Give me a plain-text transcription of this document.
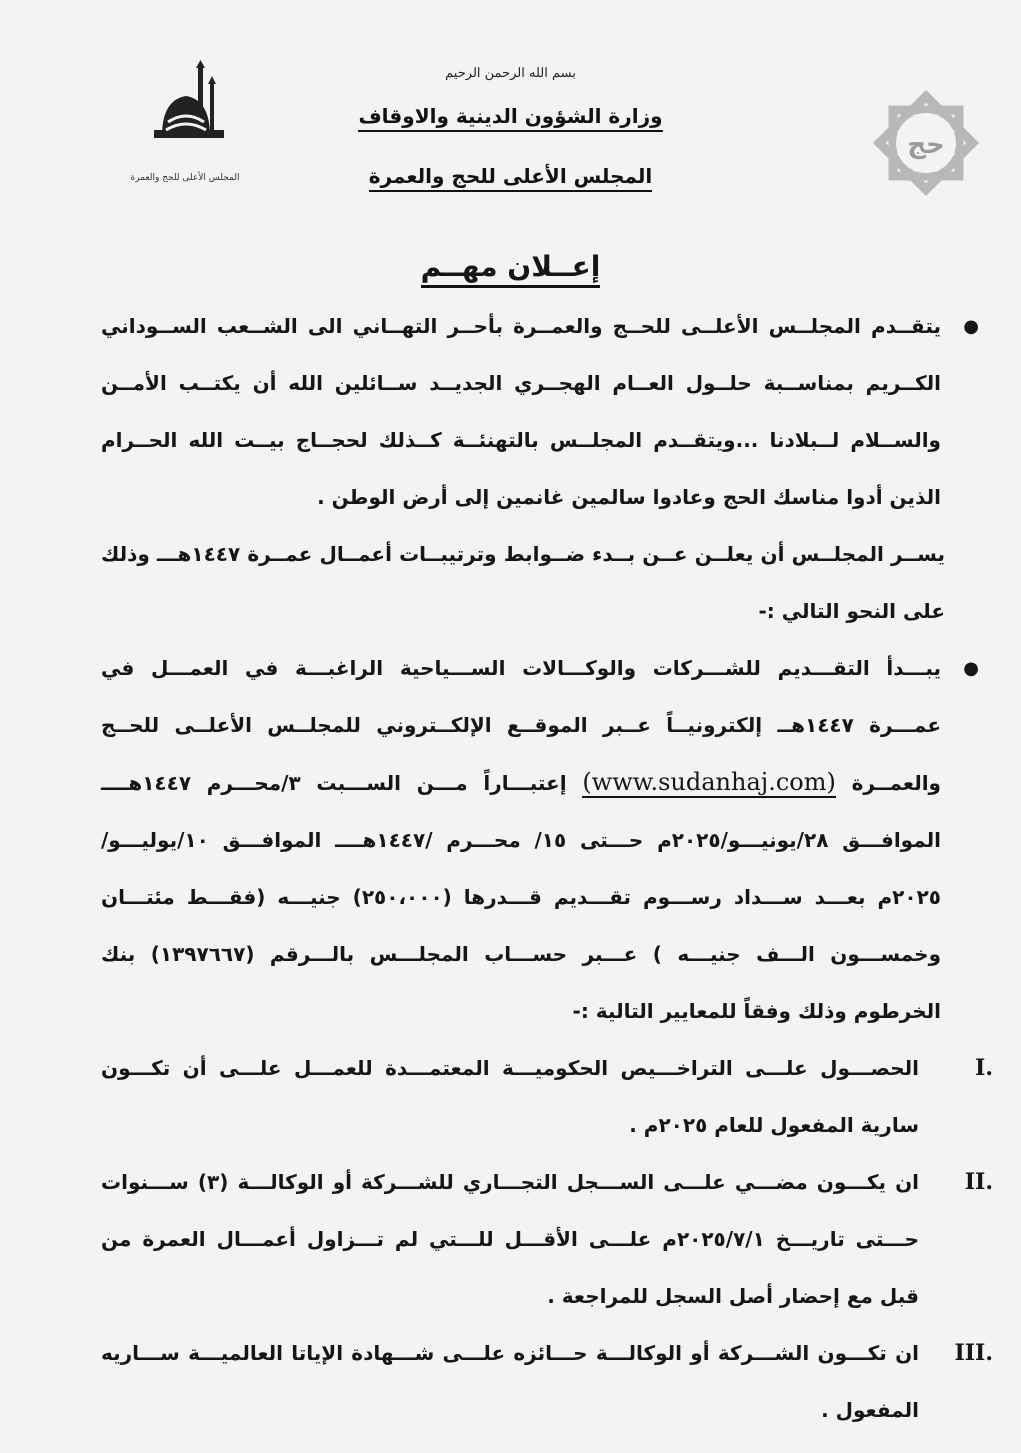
بسم الله الرحمن الرحيم
وزارة الشؤون الدينية والاوقاف
المجلس الأعلى للحج والعمرة
حج
المجلس الأعلى للحج والعمرة
إعــلان مهــم

●
يتقــدم المجلــس الأعلــى للحــج والعمــرة بأحــر التهــاني الى الشــعب الســوداني الكــريم بمناســبة حلــول العــام الهجــري الجديــد ســائلين الله أن يكتــب الأمــن والســلام لــبلادنا ...ويتقــدم المجلــس بالتهنئــة كــذلك لحجــاج بيــت الله الحــرام الذين أدوا مناسك الحج وعادوا سالمين غانمين إلى أرض الوطن .

يســر المجلــس أن يعلــن عــن بــدء ضــوابط وترتيبــات أعمــال عمــرة ١٤٤٧هـــ وذلك على النحو التالي :-

●
يبـــدأ التقـــديم للشـــركات والوكـــالات الســـياحية الراغبـــة في العمـــل في عمـــرة ١٤٤٧هــ إلكترونيــاً عــبر الموقــع الإلكــتروني للمجلــس الأعلــى للحــج والعمــرة (www.sudanhaj.com) إعتبـــاراً مـــن الســـبت ٣/محـــرم ١٤٤٧هــــ الموافـــق ٢٨/يونيـــو/٢٠٢٥م حـــتى ١٥/ محـــرم /١٤٤٧هــــ الموافـــق ١٠/يوليـــو/٢٠٢٥م بعـــد ســـداد رســـوم تقـــديم قـــدرها (٢٥٠،٠٠٠) جنيـــه (فقـــط مئتـــان وخمســـون الـــف جنيـــه ) عـــبر حســـاب المجلـــس بالـــرقم (١٣٩٧٦٦٧) بنك الخرطوم وذلك وفقاً للمعايير التالية :-

I.
الحصـــول علـــى التراخـــيص الحكوميـــة المعتمـــدة للعمـــل علـــى أن تكـــون سارية المفعول للعام ٢٠٢٥م .

II.
ان يكـــون مضـــي علـــى الســـجل التجـــاري للشـــركة أو الوكالـــة (٣) ســـنوات حـــتى تاريـــخ ٢٠٢٥/٧/١م علـــى الأقـــل للـــتي لم تـــزاول أعمـــال العمرة من قبل مع إحضار أصل السجل للمراجعة .

III.
ان تكـــون الشـــركة أو الوكالـــة حـــائزه علـــى شـــهادة الإياتا العالميـــة ســـاريه المفعول .
